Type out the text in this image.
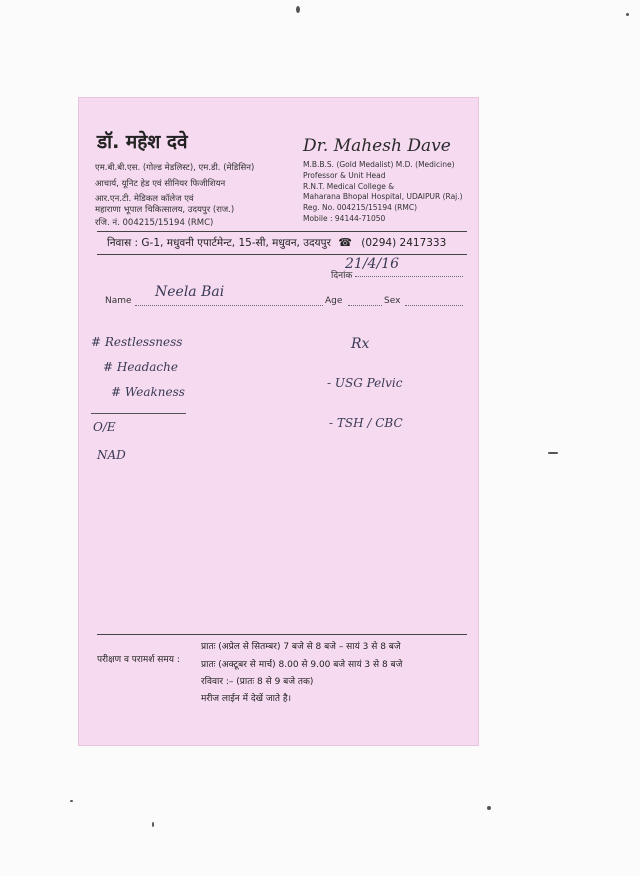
डॉ. महेश दवे
एम.बी.बी.एस. (गोल्ड मेडलिस्ट), एम.डी. (मेडिसिन)
आचार्य, यूनिट हेड एवं सीनियर फिजीशियन
आर.एन.टी. मेडिकल कॉलेज एवं
महाराणा भूपाल चिकित्सालय, उदयपुर (राज.)
रजि. नं. 004215/15194 (RMC)
Dr. Mahesh Dave
M.B.B.S. (Gold Medalist) M.D. (Medicine)
Professor & Unit Head
R.N.T. Medical College &
Maharana Bhopal Hospital, UDAIPUR (Raj.)
Reg. No. 004215/15194 (RMC)
Mobile : 94144-71050
निवास : G-1, मधुवनी एपार्टमेन्ट, 15-सी, मधुवन, उदयपुर ☎ (0294) 2417333
दिनांक
21/4/16
Name
Neela Bai
Age	Sex
# Restlessness
# Headache
# Weakness
O/E
NAD
Rx
- USG Pelvic
- TSH / CBC
परीक्षण व परामर्श समय :
प्रातः (अप्रेल से सितम्बर) 7 बजे से 8 बजे – सायं 3 से 8 बजे
प्रातः (अक्टूबर से मार्च) 8.00 से 9.00 बजे सायं 3 से 8 बजे
रविवार :– (प्रातः 8 से 9 बजे तक)
मरीज लाईन में देखें जाते है।
